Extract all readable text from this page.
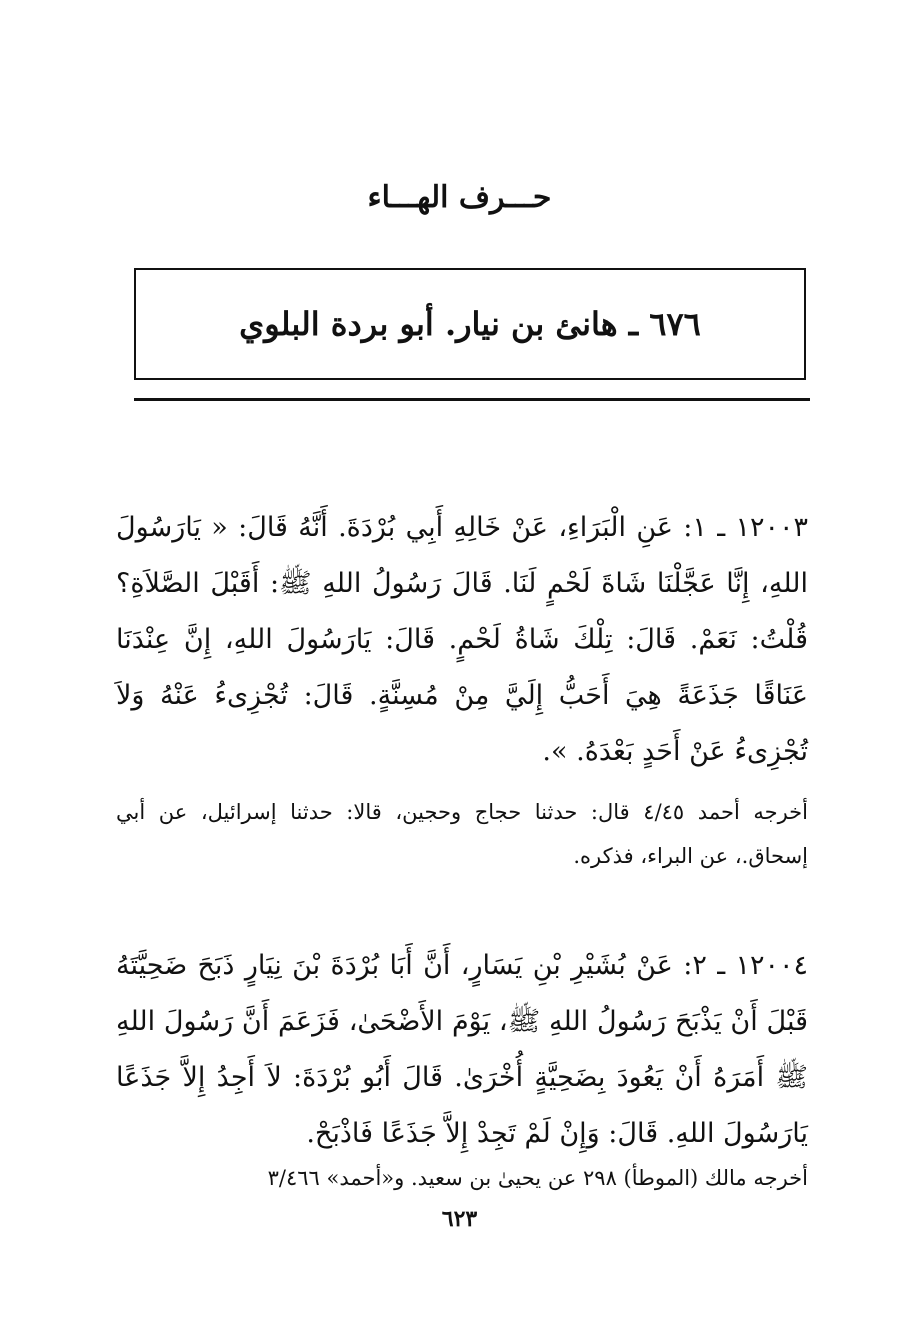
حـــرف الهـــاء
٦٧٦ ـ هانئ بن نيار. أبو بردة البلوي

١٢٠٠٣ ـ ١: عَنِ الْبَرَاءِ، عَنْ خَالِهِ أَبِي بُرْدَةَ. أَنَّهُ قَالَ: « يَارَسُولَ اللهِ، إِنَّا عَجَّلْنَا شَاةَ لَحْمٍ لَنَا. قَالَ رَسُولُ اللهِ ﷺ: أَقَبْلَ الصَّلاَةِ؟ قُلْتُ: نَعَمْ. قَالَ: تِلْكَ شَاةُ لَحْمٍ. قَالَ: يَارَسُولَ اللهِ، إِنَّ عِنْدَنَا عَنَاقًا جَذَعَةً هِيَ أَحَبُّ إِلَيَّ مِنْ مُسِنَّةٍ. قَالَ: تُجْزِىءُ عَنْهُ وَلاَ تُجْزِىءُ عَنْ أَحَدٍ بَعْدَهُ. ».

أخرجه أحمد ٤/٤٥ قال: حدثنا حجاج وحجين، قالا: حدثنا إسرائيل، عن أبي إسحاق.، عن البراء، فذكره.

١٢٠٠٤ ـ ٢: عَنْ بُشَيْرِ بْنِ يَسَارٍ، أَنَّ أَبَا بُرْدَةَ بْنَ نِيَارٍ ذَبَحَ ضَحِيَّتَهُ قَبْلَ أَنْ يَذْبَحَ رَسُولُ اللهِ ﷺ، يَوْمَ الأَضْحَىٰ، فَزَعَمَ أَنَّ رَسُولَ اللهِ ﷺ أَمَرَهُ أَنْ يَعُودَ بِضَحِيَّةٍ أُخْرَىٰ. قَالَ أَبُو بُرْدَةَ: لاَ أَجِدُ إِلاَّ جَذَعًا يَارَسُولَ اللهِ. قَالَ: وَإِنْ لَمْ تَجِدْ إِلاَّ جَذَعًا فَاذْبَحْ.

أخرجه مالك (الموطأ) ٢٩٨ عن يحيىٰ بن سعيد. و«أحمد» ٣/٤٦٦

٦٢٣
